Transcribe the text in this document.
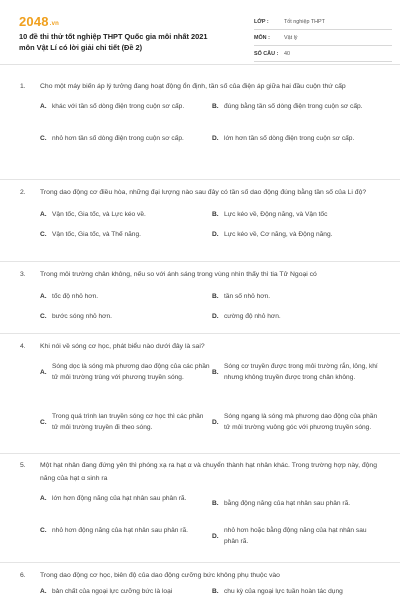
2048.vn
10 đề thi thử tốt nghiệp THPT Quốc gia môi nhất 2021 môn Vật Lí có lời giải chi tiết (Đề 2)
LỚP :	Tốt nghiệp THPT
MÔN :	Vật lý
SỐ CÂU :	40
1. Cho một máy biến áp lý tưởng đang hoạt động ổn định, tần số của điện áp giữa hai đầu cuộn thứ cấp
A. khác với tần số dòng điện trong cuộn sơ cấp.	B. đúng bằng tần số dòng điện trong cuộn sơ cấp.
C. nhỏ hơn tần số dòng điện trong cuộn sơ cấp.	D. lớn hơn tần số dòng điện trong cuộn sơ cấp.
2. Trong dao động cơ điều hòa, những đại lượng nào sau đây có tần số dao động đúng bằng tần số của Li độ?
A. Vận tốc, Gia tốc, và Lực kéo về.	B. Lực kéo về, Động năng, và Vận tốc
C. Vận tốc, Gia tốc, và Thế năng.	D. Lực kéo về, Cơ năng, và Động năng.
3. Trong môi trường chân không, nếu so với ánh sáng trong vùng nhìn thấy thì tia Tử Ngoại có
A. tốc độ nhỏ hơn.	B. tần số nhỏ hơn.
C. bước sóng nhỏ hơn.	D. cường độ nhỏ hơn.
4. Khi nói về sóng cơ học, phát biểu nào dưới đây là sai?
A.
Sóng dọc là sóng mà phương dao động của các phần tử môi trường trùng với phương truyền sóng.
B.
Sóng cơ truyền được trong môi trường rắn, lỏng, khí nhưng không truyền được trong chân không.
C.
Trong quá trình lan truyền sóng cơ học thì các phần tử môi trường truyền đi theo sóng.
D.
Sóng ngang là sóng mà phương dao động của phần tử môi trường vuông góc với phương truyền sóng.
5. Một hạt nhân đang đứng yên thì phóng xạ ra hạt α và chuyển thành hạt nhân khác. Trong trường hợp này, động năng của hạt α sinh ra
A. lớn hơn động năng của hạt nhân sau phân rã.
B. bằng động năng của hạt nhân sau phân rã.
C. nhỏ hơn động năng của hạt nhân sau phân rã.
D.
nhỏ hơn hoặc bằng động năng của hạt nhân sau phân rã.
6. Trong dao động cơ học, biên độ của dao động cưỡng bức không phụ thuộc vào
A. bản chất của ngoại lực cưỡng bức là loại	B. chu kỳ của ngoại lực tuần hoàn tác dụng
